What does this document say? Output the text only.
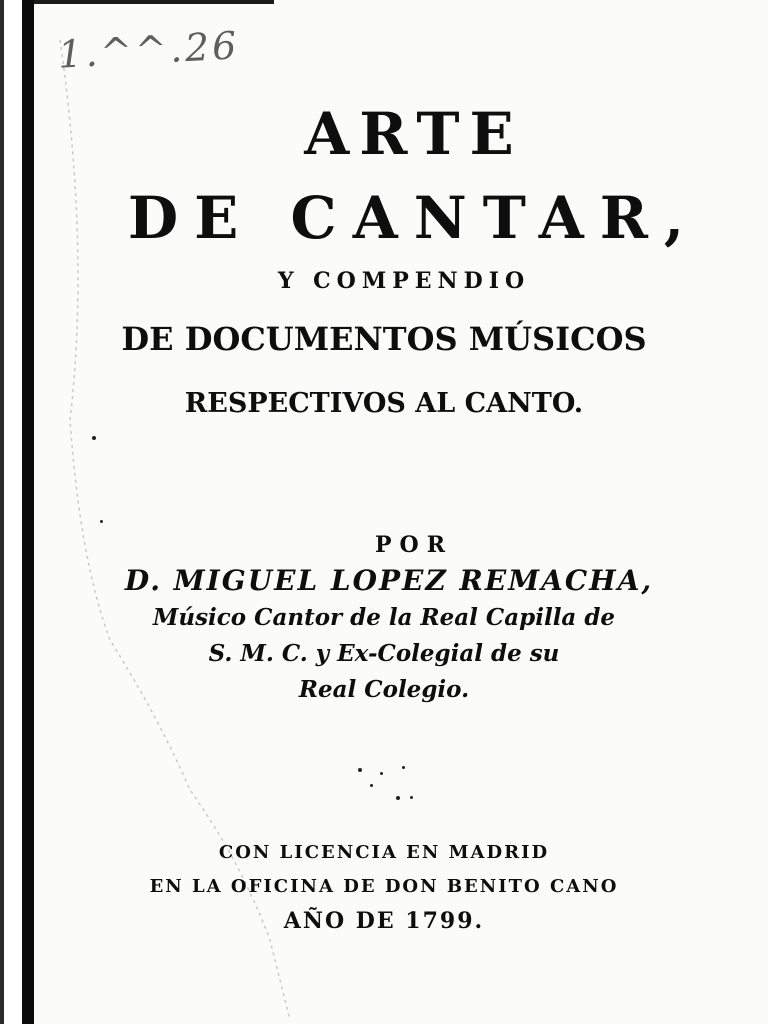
1.^^.26
ARTE
DE CANTAR,
Y COMPENDIO
DE DOCUMENTOS MÚSICOS
RESPECTIVOS AL CANTO.
POR
D. MIGUEL LOPEZ REMACHA,
Músico Cantor de la Real Capilla de
S. M. C. y Ex-Colegial de su
Real Colegio.
CON LICENCIA EN MADRID
EN LA OFICINA DE DON BENITO CANO
AÑO DE 1799.
